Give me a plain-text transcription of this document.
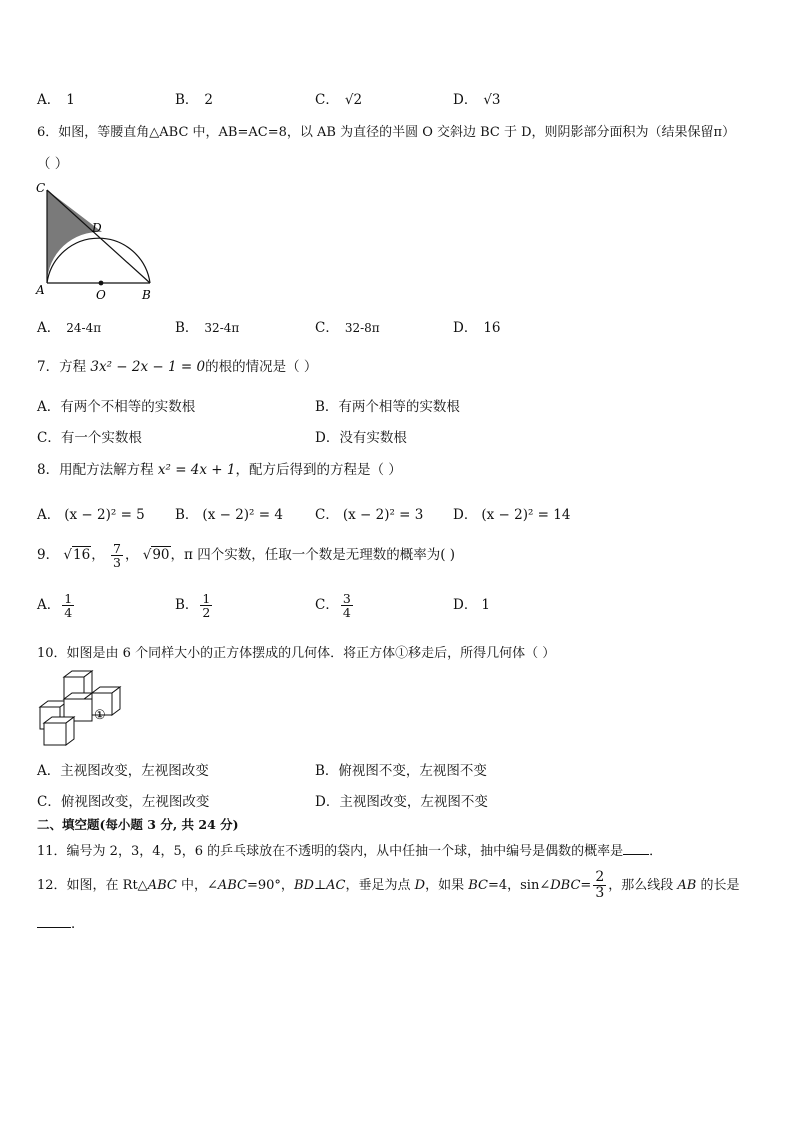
A． 1	B． 2	C． √2	D． √3
6．如图，等腰直角△ABC 中，AB=AC=8，以 AB 为直径的半圆 O 交斜边 BC 于 D，则阴影部分面积为（结果保留π）
（ ）
C
D
A	O	B
A． 24-4π	B． 32-4π	C． 32-8π	D． 16
7．方程 3x² − 2x − 1 = 0的根的情况是（ ）
A．有两个不相等的实数根	B．有两个相等的实数根
C．有一个实数根	D．没有实数根
8．用配方法解方程 x² = 4x + 1，配方后得到的方程是（ ）
A． (x − 2)² = 5 B． (x − 2)² = 4 C． (x − 2)² = 3 D． (x − 2)² = 14
9． √16， $\frac{7}{3}$ ， √90，π 四个实数，任取一个数是无理数的概率为( )
A． $\frac{1}{4}$	B． $\frac{1}{2}$	C． $\frac{3}{4}$	D． 1
10．如图是由 6 个同样大小的正方体摆成的几何体．将正方体①移走后，所得几何体（ ）
①
A．主视图改变，左视图改变	B．俯视图不变，左视图不变
C．俯视图改变，左视图改变	D．主视图改变，左视图不变
二、填空题(每小题 3 分, 共 24 分)
11．编号为 2，3，4，5，6 的乒乓球放在不透明的袋内，从中任抽一个球，抽中编号是偶数的概率是 ．
12．如图，在 Rt△ABC 中，∠ABC=90°，BD⊥AC，垂足为点 D，如果 BC=4，sin∠DBC= $\frac{2}{3}$ ，那么线段 AB 的长是
．
